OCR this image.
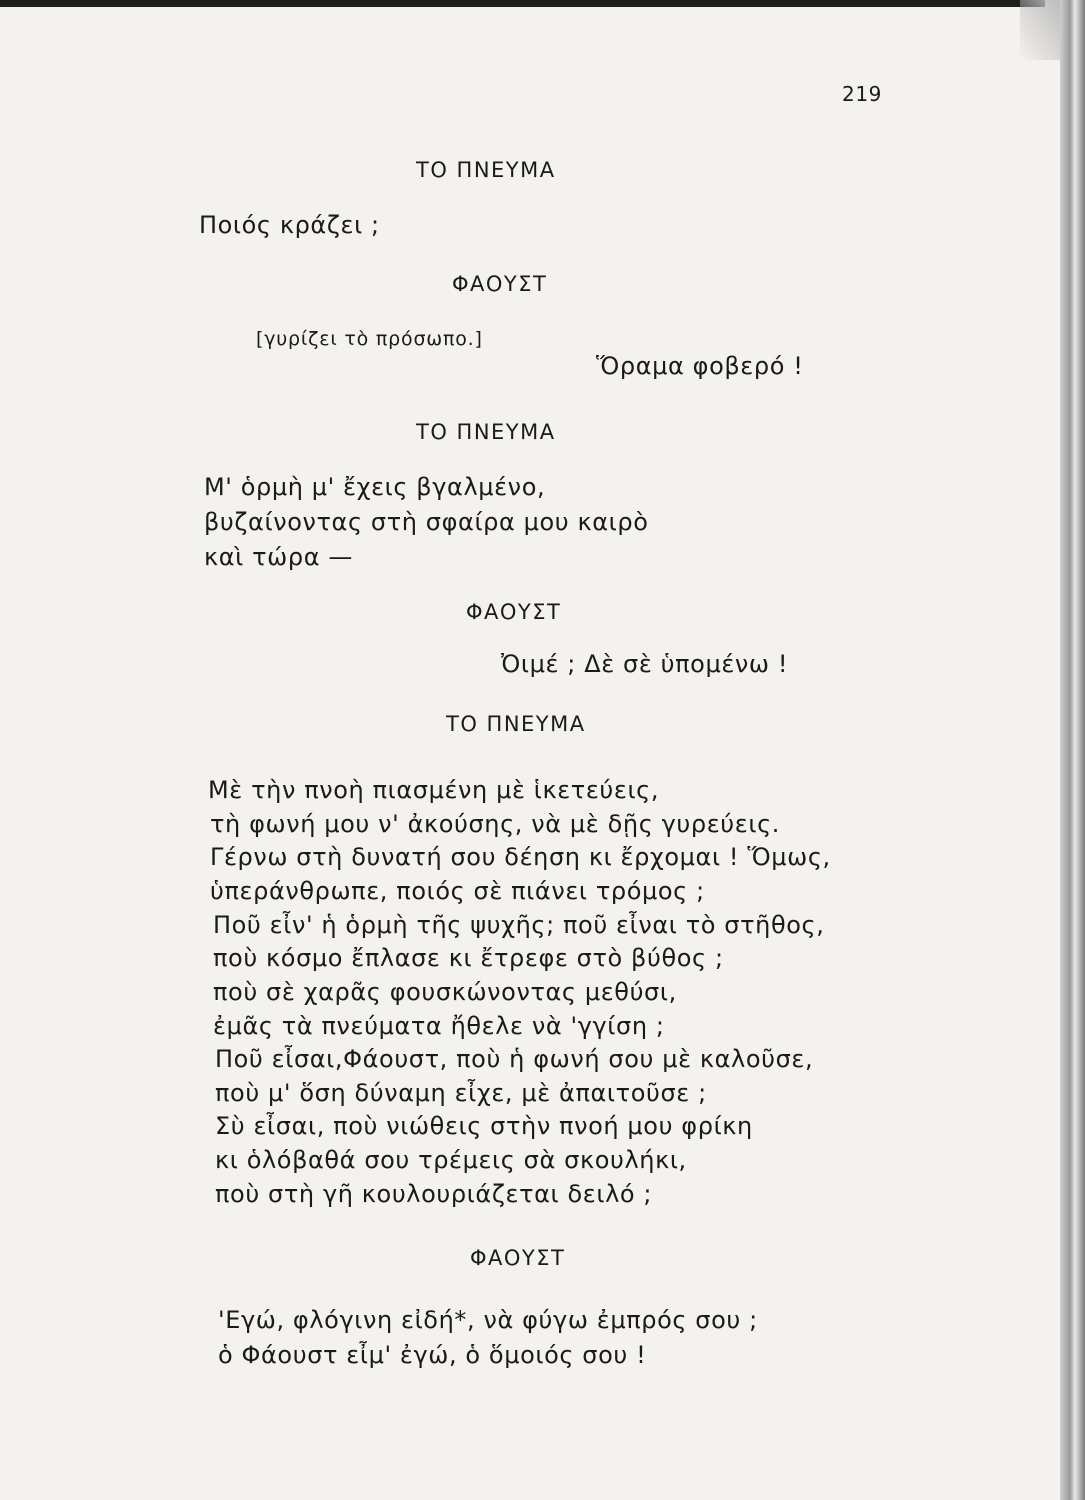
219
ΤΟ ΠΝΕΥΜΑ
Ποιός κράζει ;
ΦΑΟΥΣΤ
[γυρίζει τὸ πρόσωπο.]
Ὅραμα φοβερό !
ΤΟ ΠΝΕΥΜΑ
Μ' ὁρμὴ μ' ἔχεις βγαλμένο,
βυζαίνοντας στὴ σφαίρα μου καιρὸ
καὶ τώρα —
ΦΑΟΥΣΤ
Ὀιμέ ; Δὲ σὲ ὑπομένω !
ΤΟ ΠΝΕΥΜΑ
Μὲ τὴν πνοὴ πιασμένη μὲ ἱκετεύεις,
τὴ φωνή μου ν' ἀκούσης, νὰ μὲ δῇς γυρεύεις.
Γέρνω στὴ δυνατή σου δέηση κι ἔρχομαι ! Ὅμως,
ὑπεράνθρωπε, ποιός σὲ πιάνει τρόμος ;
Ποῦ εἶν' ἡ ὁρμὴ τῆς ψυχῆς; ποῦ εἶναι τὸ στῆθος,
ποὺ κόσμο ἔπλασε κι ἔτρεφε στὸ βύθος ;
ποὺ σὲ χαρᾶς φουσκώνοντας μεθύσι,
ἐμᾶς τὰ πνεύματα ἤθελε νὰ 'γγίση ;
Ποῦ εἶσαι,Φάουστ, ποὺ ἡ φωνή σου μὲ καλοῦσε,
ποὺ μ' ὅση δύναμη εἶχε, μὲ ἀπαιτοῦσε ;
Σὺ εἶσαι, ποὺ νιώθεις στὴν πνοή μου φρίκη
κι ὁλόβαθά σου τρέμεις σὰ σκουλήκι,
ποὺ στὴ γῆ κουλουριάζεται δειλό ;
ΦΑΟΥΣΤ
'Εγώ, φλόγινη εἰδή*, νὰ φύγω ἐμπρός σου ;
ὁ Φάουστ εἶμ' ἐγώ, ὁ ὅμοιός σου !
